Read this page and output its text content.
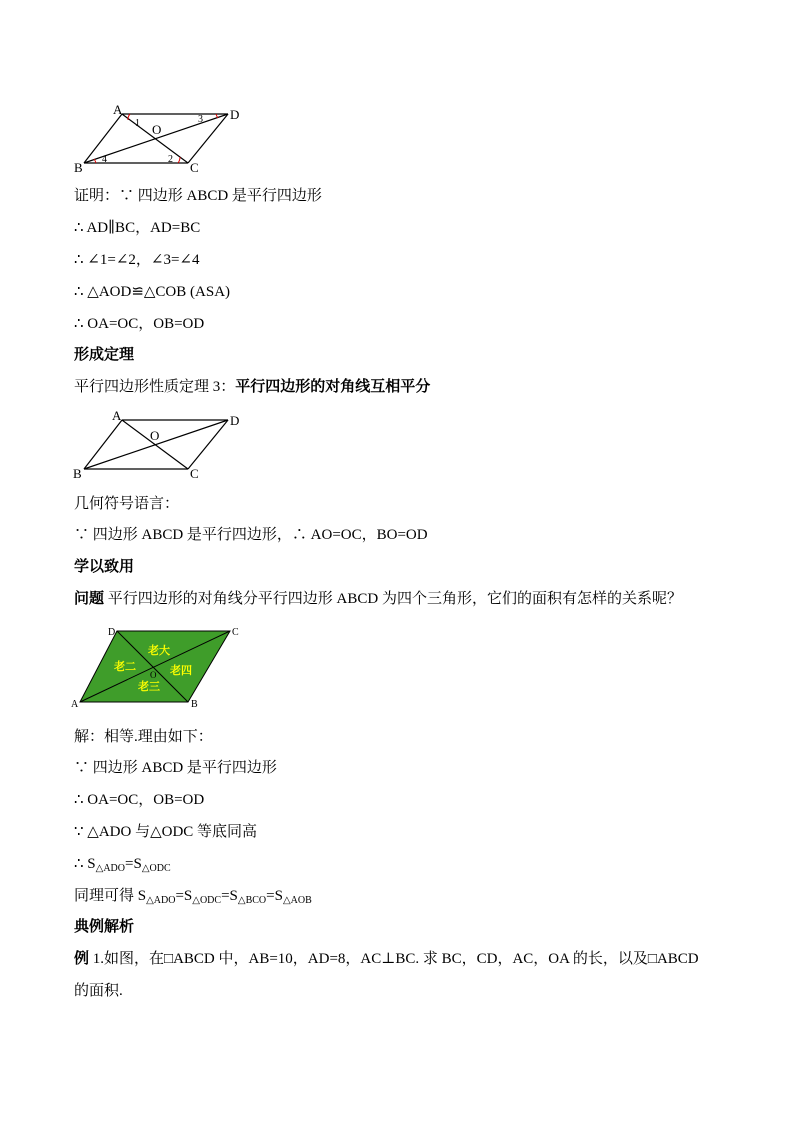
A
B	C
D
O
1
2
3
4
证明：∵ 四边形 ABCD 是平行四边形
∴ AD∥BC，AD=BC
∴ ∠1=∠2，∠3=∠4
∴ △AOD≌△COB (ASA)
∴ OA=OC，OB=OD
形成定理
平行四边形性质定理 3：平行四边形的对角线互相平分
A
B	C
D
O
几何符号语言：
∵ 四边形 ABCD 是平行四边形，∴ AO=OC，BO=OD
学以致用
问题 平行四边形的对角线分平行四边形 ABCD 为四个三角形，它们的面积有怎样的关系呢？
老大
老二	老四
老三
D	C
A	B
O
解：相等.理由如下：
∵ 四边形 ABCD 是平行四边形
∴ OA=OC，OB=OD
∵ △ADO 与△ODC 等底同高
∴ $S_{\triangle ADO}=S_{\triangle ODC}$
同理可得 $S_{\triangle ADO}=S_{\triangle ODC}=S_{\triangle BCO}=S_{\triangle AOB}$
典例解析
例 1.如图，在□ABCD 中，AB=10，AD=8，AC⊥BC. 求 BC，CD，AC，OA 的长，以及□ABCD
的面积.
